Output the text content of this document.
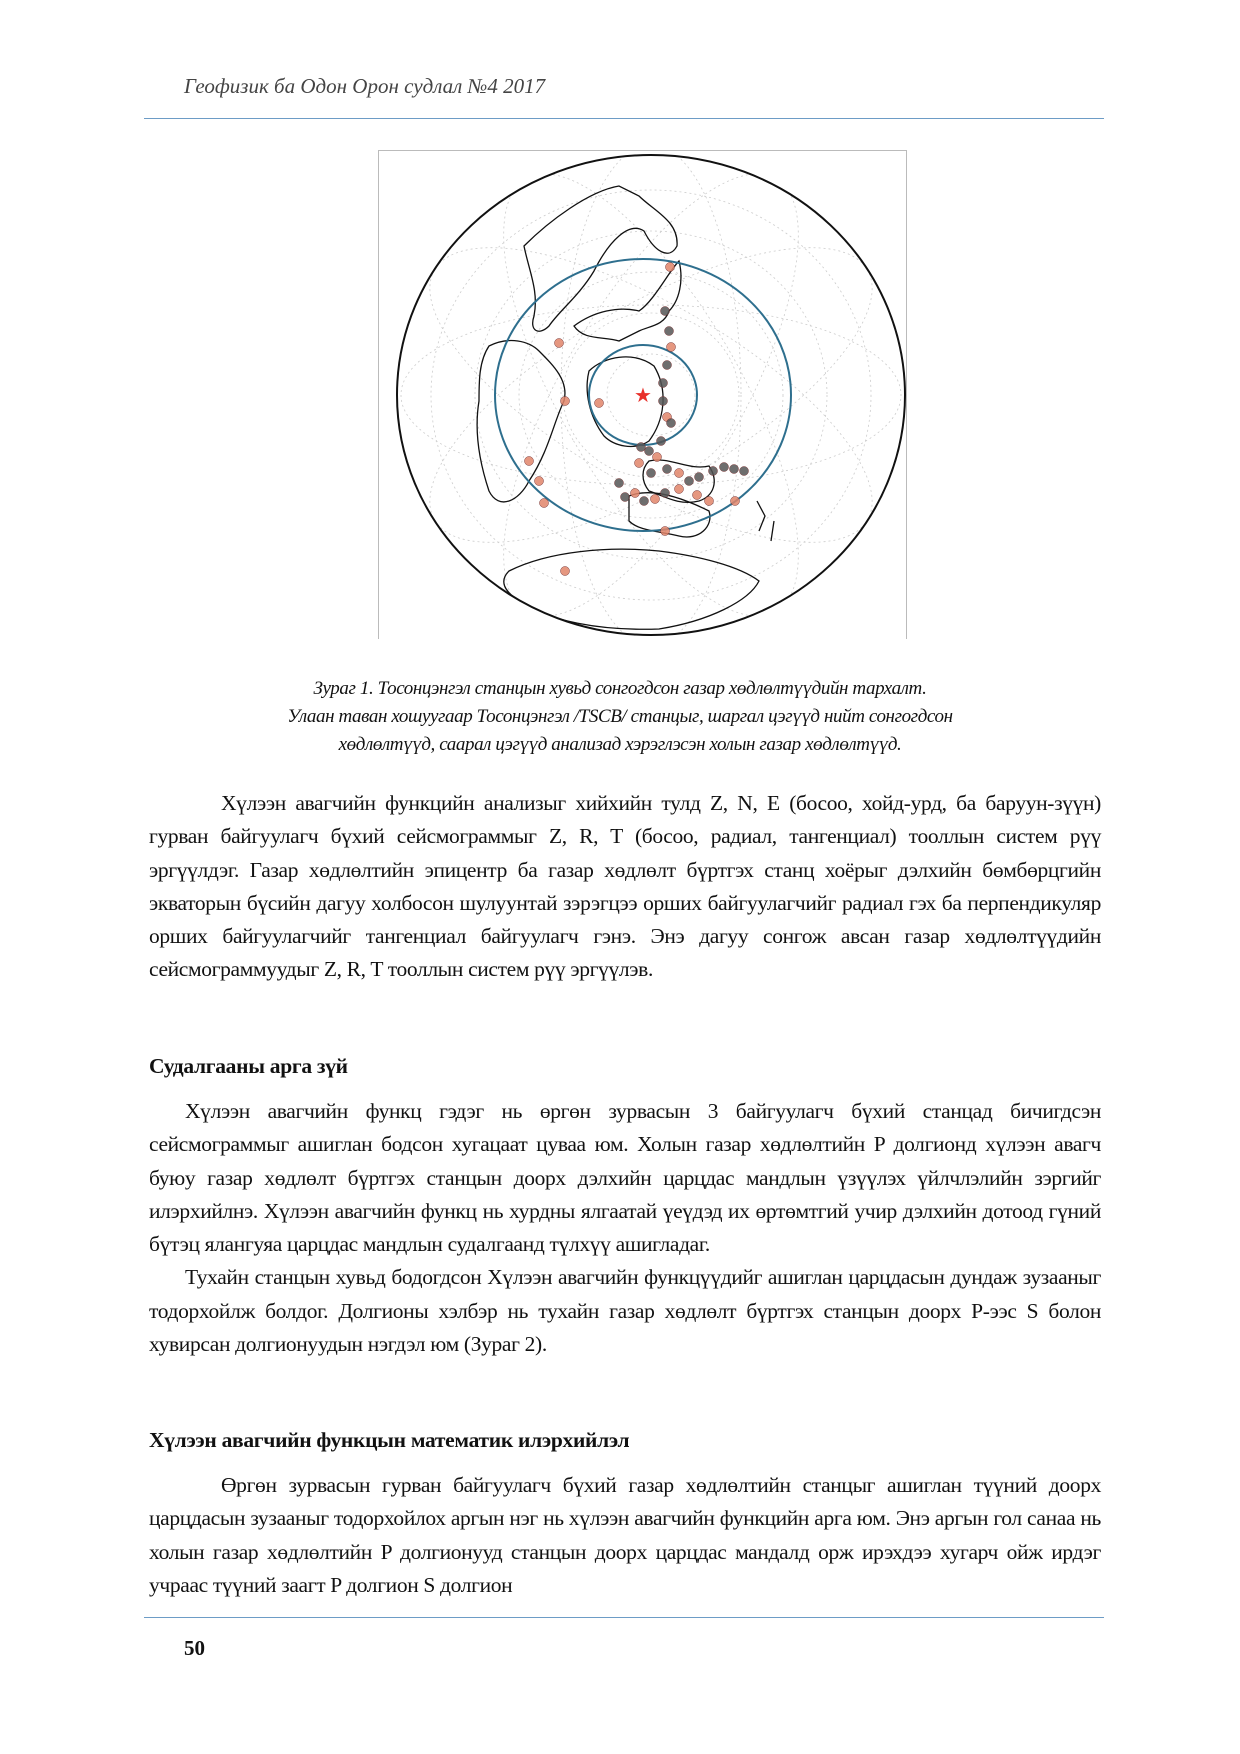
Геофизик ба Одон Орон судлал №4 2017
★
Зураг 1. Тосонцэнгэл станцын хувьд сонгогдсон газар хөдлөлтүүдийн тархалт.
Улаан таван хошуугаар Тосонцэнгэл /TSCB/ станцыг, шаргал цэгүүд нийт сонгогдсон
хөдлөлтүүд, саарал цэгүүд анализад хэрэглэсэн холын газар хөдлөлтүүд.

Хүлээн авагчийн функцийн анализыг хийхийн тулд Z, N, E (босоо, хойд-урд, ба баруун-зүүн) гурван байгуулагч бүхий сейсмограммыг Z, R, T (босоо, радиал, тангенциал) тооллын систем рүү эргүүлдэг. Газар хөдлөлтийн эпицентр ба газар хөдлөлт бүртгэх станц хоёрыг дэлхийн бөмбөрцгийн экваторын бүсийн дагуу холбосон шулуунтай зэрэгцээ орших байгуулагчийг радиал гэх ба перпендикуляр орших байгуулагчийг тангенциал байгуулагч гэнэ. Энэ дагуу сонгож авсан газар хөдлөлтүүдийн сейсмограммуудыг Z, R, T тооллын систем рүү эргүүлэв.

Судалгааны арга зүй

Хүлээн авагчийн функц гэдэг нь өргөн зурвасын 3 байгуулагч бүхий станцад бичигдсэн сейсмограммыг ашиглан бодсон хугацаат цуваа юм. Холын газар хөдлөлтийн P долгионд хүлээн авагч буюу газар хөдлөлт бүртгэх станцын доорх дэлхийн царцдас мандлын үзүүлэх үйлчлэлийн зэргийг илэрхийлнэ. Хүлээн авагчийн функц нь хурдны ялгаатай үеүдэд их өртөмтгий учир дэлхийн дотоод гүний бүтэц ялангуяа царцдас мандлын судалгаанд түлхүү ашигладаг.

Тухайн станцын хувьд бодогдсон Хүлээн авагчийн функцүүдийг ашиглан царцдасын дундаж зузааныг тодорхойлж болдог. Долгионы хэлбэр нь тухайн газар хөдлөлт бүртгэх станцын доорх P-ээс S болон хувирсан долгионуудын нэгдэл юм (Зураг 2).

Хүлээн авагчийн функцын математик илэрхийлэл

Өргөн зурвасын гурван байгуулагч бүхий газар хөдлөлтийн станцыг ашиглан түүний доорх царцдасын зузааныг тодорхойлох аргын нэг нь хүлээн авагчийн функцийн арга юм. Энэ аргын гол санаа нь холын газар хөдлөлтийн P долгионууд станцын доорх царцдас мандалд орж ирэхдээ хугарч ойж ирдэг учраас түүний заагт P долгион S долгион

50
